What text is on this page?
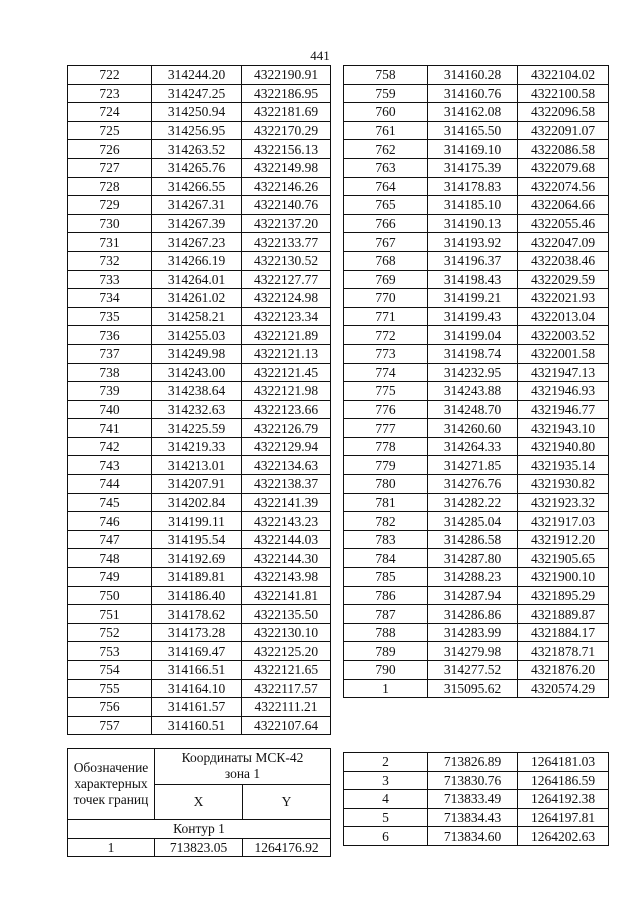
441
722	314244.20	4322190.91
723	314247.25	4322186.95
724	314250.94	4322181.69
725	314256.95	4322170.29
726	314263.52	4322156.13
727	314265.76	4322149.98
728	314266.55	4322146.26
729	314267.31	4322140.76
730	314267.39	4322137.20
731	314267.23	4322133.77
732	314266.19	4322130.52
733	314264.01	4322127.77
734	314261.02	4322124.98
735	314258.21	4322123.34
736	314255.03	4322121.89
737	314249.98	4322121.13
738	314243.00	4322121.45
739	314238.64	4322121.98
740	314232.63	4322123.66
741	314225.59	4322126.79
742	314219.33	4322129.94
743	314213.01	4322134.63
744	314207.91	4322138.37
745	314202.84	4322141.39
746	314199.11	4322143.23
747	314195.54	4322144.03
748	314192.69	4322144.30
749	314189.81	4322143.98
750	314186.40	4322141.81
751	314178.62	4322135.50
752	314173.28	4322130.10
753	314169.47	4322125.20
754	314166.51	4322121.65
755	314164.10	4322117.57
756	314161.57	4322111.21
757	314160.51	4322107.64
758	314160.28	4322104.02
759	314160.76	4322100.58
760	314162.08	4322096.58
761	314165.50	4322091.07
762	314169.10	4322086.58
763	314175.39	4322079.68
764	314178.83	4322074.56
765	314185.10	4322064.66
766	314190.13	4322055.46
767	314193.92	4322047.09
768	314196.37	4322038.46
769	314198.43	4322029.59
770	314199.21	4322021.93
771	314199.43	4322013.04
772	314199.04	4322003.52
773	314198.74	4322001.58
774	314232.95	4321947.13
775	314243.88	4321946.93
776	314248.70	4321946.77
777	314260.60	4321943.10
778	314264.33	4321940.80
779	314271.85	4321935.14
780	314276.76	4321930.82
781	314282.22	4321923.32
782	314285.04	4321917.03
783	314286.58	4321912.20
784	314287.80	4321905.65
785	314288.23	4321900.10
786	314287.94	4321895.29
787	314286.86	4321889.87
788	314283.99	4321884.17
789	314279.98	4321878.71
790	314277.52	4321876.20
1	315095.62	4320574.29
Обозначение характерных точек границ	Координаты МСК-42 зона 1	
	X	Y
Контур 1		
1	713823.05	1264176.92
2	713826.89	1264181.03
3	713830.76	1264186.59
4	713833.49	1264192.38
5	713834.43	1264197.81
6	713834.60	1264202.63
